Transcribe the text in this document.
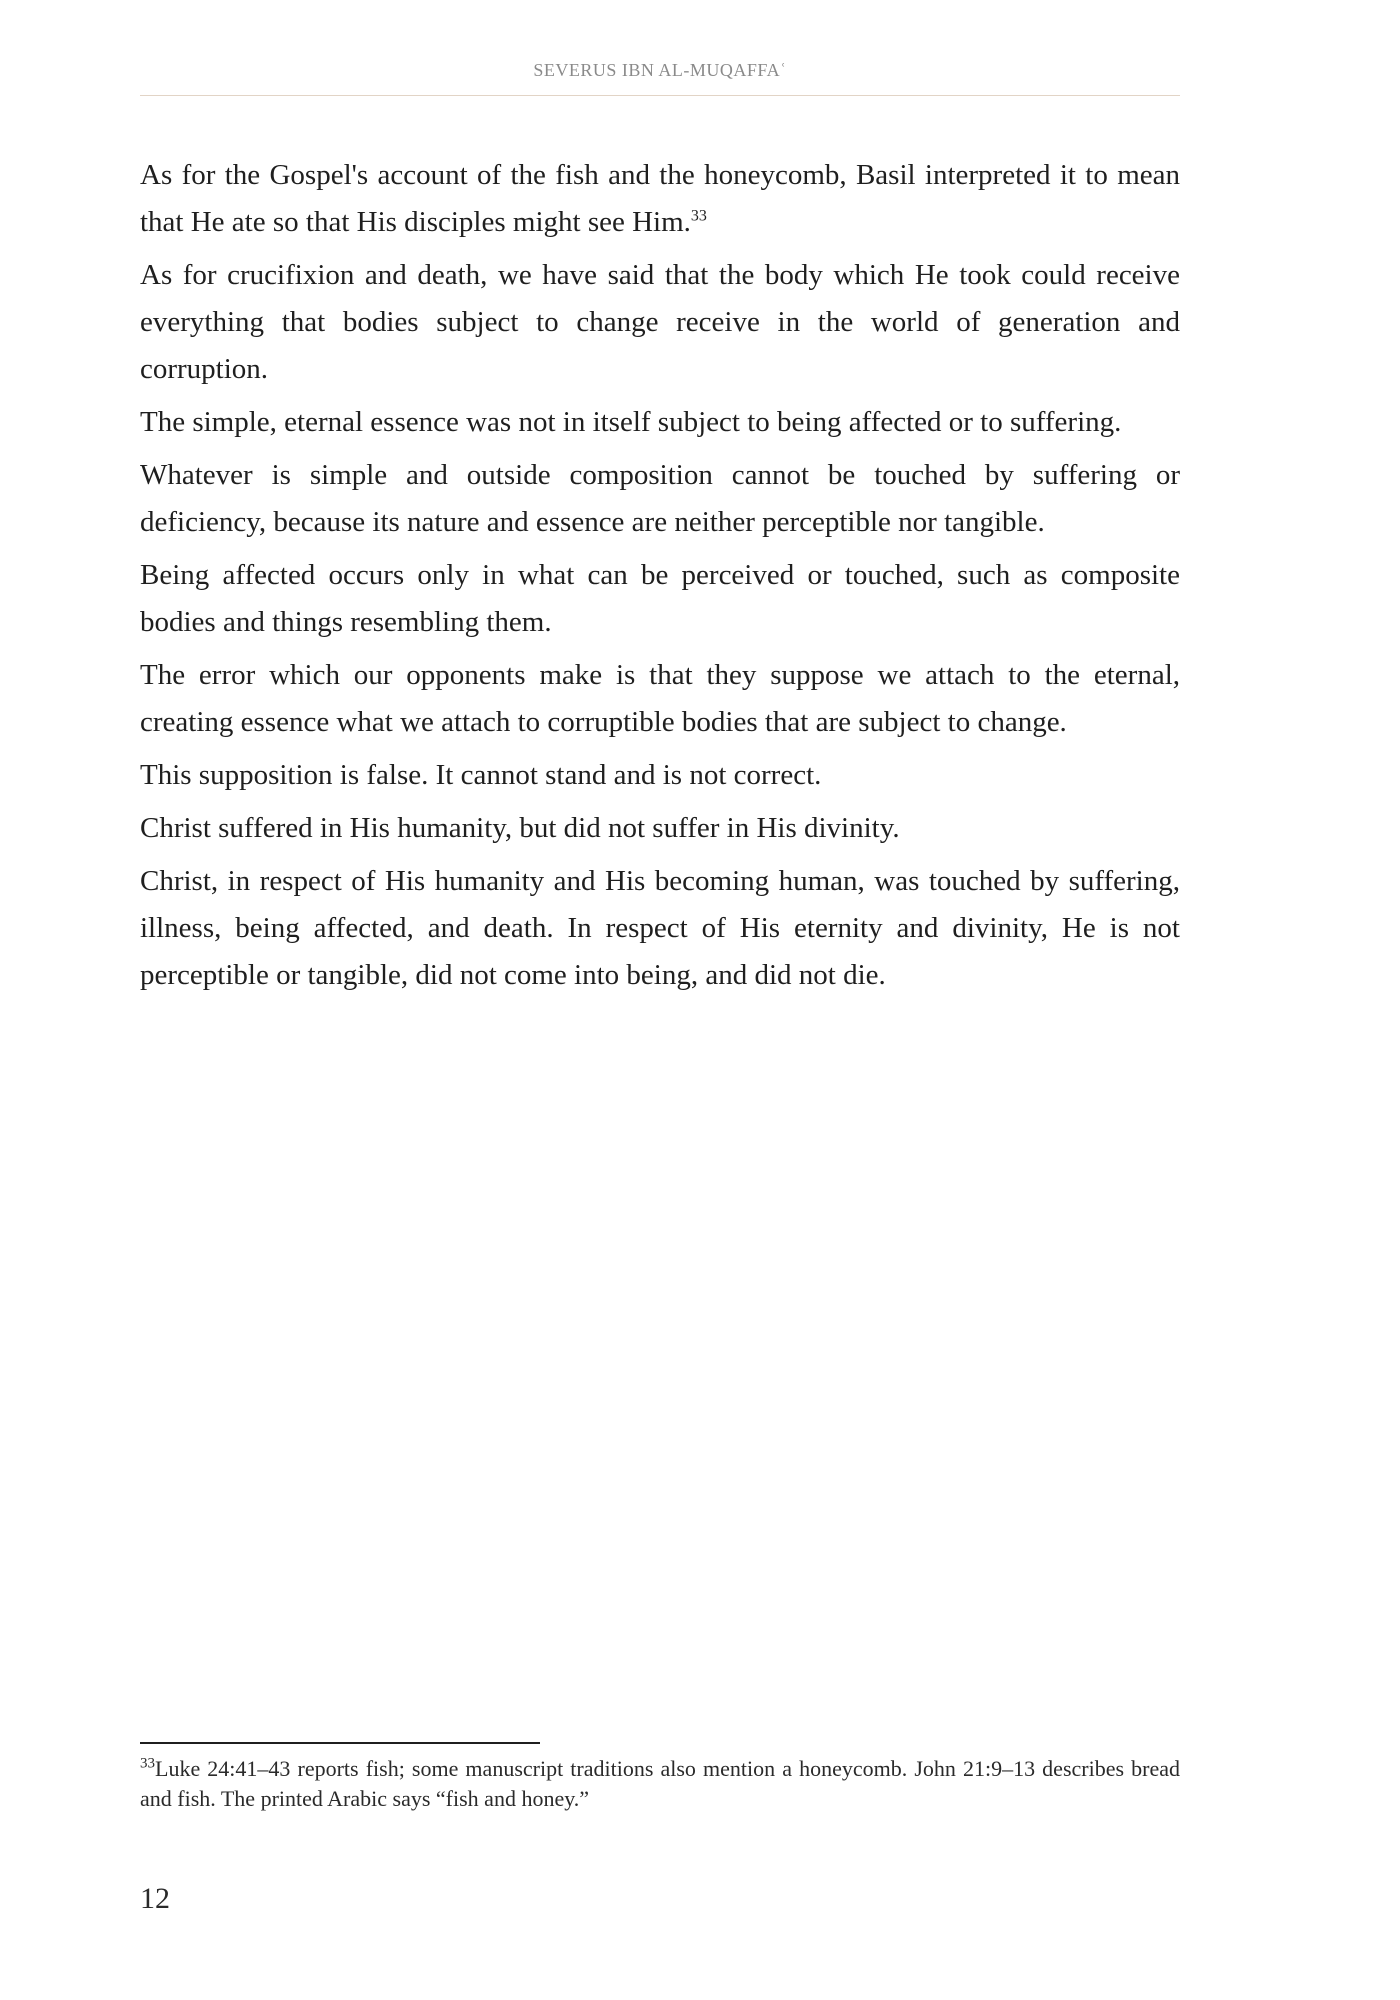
SEVERUS IBN AL-MUQAFFAʿ

As for the Gospel's account of the fish and the honeycomb, Basil interpreted it to mean that He ate so that His disciples might see Him.$^{33}$

As for crucifixion and death, we have said that the body which He took could receive everything that bodies subject to change receive in the world of generation and corruption.

The simple, eternal essence was not in itself subject to being affected or to suffering.

Whatever is simple and outside composition cannot be touched by suffering or deficiency, because its nature and essence are neither perceptible nor tangible.

Being affected occurs only in what can be perceived or touched, such as composite bodies and things resembling them.

The error which our opponents make is that they suppose we attach to the eternal, creating essence what we attach to corruptible bodies that are subject to change.

This supposition is false. It cannot stand and is not correct.

Christ suffered in His humanity, but did not suffer in His divinity.

Christ, in respect of His humanity and His becoming human, was touched by suffering, illness, being affected, and death. In respect of His eternity and divinity, He is not perceptible or tangible, did not come into being, and did not die.

$^{33}$Luke 24:41–43 reports fish; some manuscript traditions also mention a honeycomb. John 21:9–13 describes bread and fish. The printed Arabic says “fish and honey.”
12
